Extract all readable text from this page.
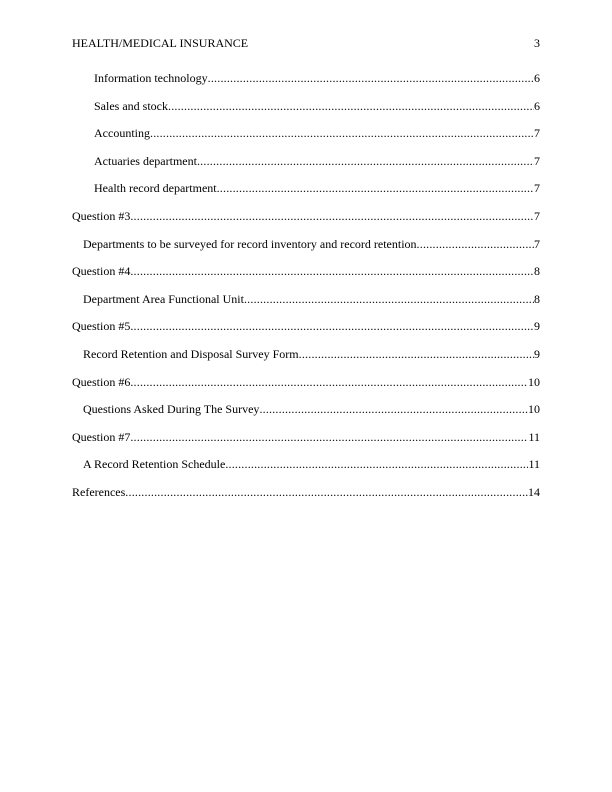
HEALTH/MEDICAL INSURANCE	3
Information technology .....	6
Sales and stock .....	6
Accounting .....	7
Actuaries department .....	7
Health record department .....	7
Question #3 .....	7
Departments to be surveyed for record inventory and record retention .....	7
Question #4 .....	8
Department Area Functional Unit .....	8
Question #5 .....	9
Record Retention and Disposal Survey Form .....	9
Question #6 .....	10
Questions Asked During The Survey .....	10
Question #7 .....	11
A Record Retention Schedule .....	11
References .....	14
